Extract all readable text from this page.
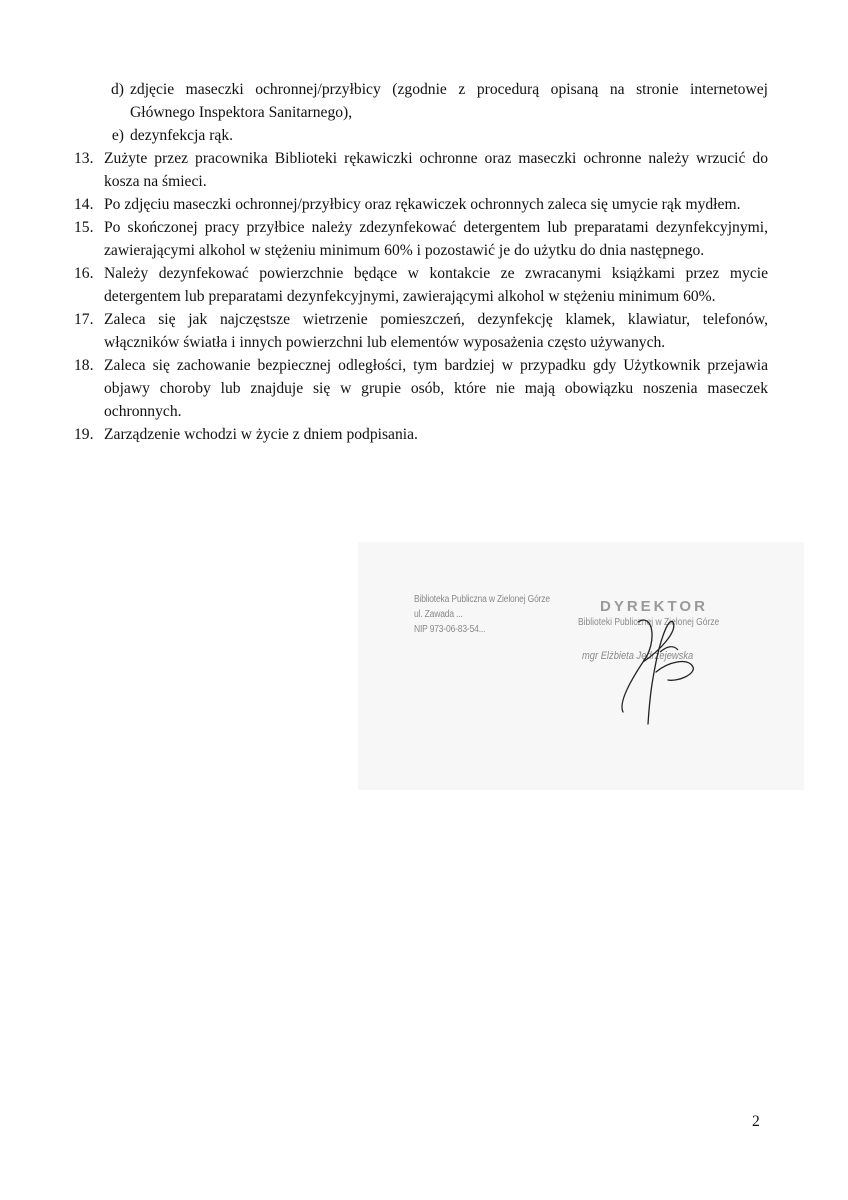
d) zdjęcie maseczki ochronnej/przyłbicy (zgodnie z procedurą opisaną na stronie internetowej Głównego Inspektora Sanitarnego),
e) dezynfekcja rąk.
13. Zużyte przez pracownika Biblioteki rękawiczki ochronne oraz maseczki ochronne należy wrzucić do kosza na śmieci.
14. Po zdjęciu maseczki ochronnej/przyłbicy oraz rękawiczek ochronnych zaleca się umycie rąk mydłem.
15. Po skończonej pracy przyłbice należy zdezynfekować detergentem lub preparatami dezynfekcyjnymi, zawierającymi alkohol w stężeniu minimum 60% i pozostawić je do użytku do dnia następnego.
16. Należy dezynfekować powierzchnie będące w kontakcie ze zwracanymi książkami przez mycie detergentem lub preparatami dezynfekcyjnymi, zawierającymi alkohol w stężeniu minimum 60%.
17. Zaleca się jak najczęstsze wietrzenie pomieszczeń, dezynfekcję klamek, klawiatur, telefonów, włączników światła i innych powierzchni lub elementów wyposażenia często używanych.
18. Zaleca się zachowanie bezpiecznej odległości, tym bardziej w przypadku gdy Użytkownik przejawia objawy choroby lub znajduje się w grupie osób, które nie mają obowiązku noszenia maseczek ochronnych.
19. Zarządzenie wchodzi w życie z dniem podpisania.
Biblioteka Publiczna w Zielonej Górze
ul. Zawada ...
NIP 973-06-83-54...
DYREKTOR
Biblioteki Publicznej w Zielonej Górze
mgr Elżbieta Jędrzejewska
2
